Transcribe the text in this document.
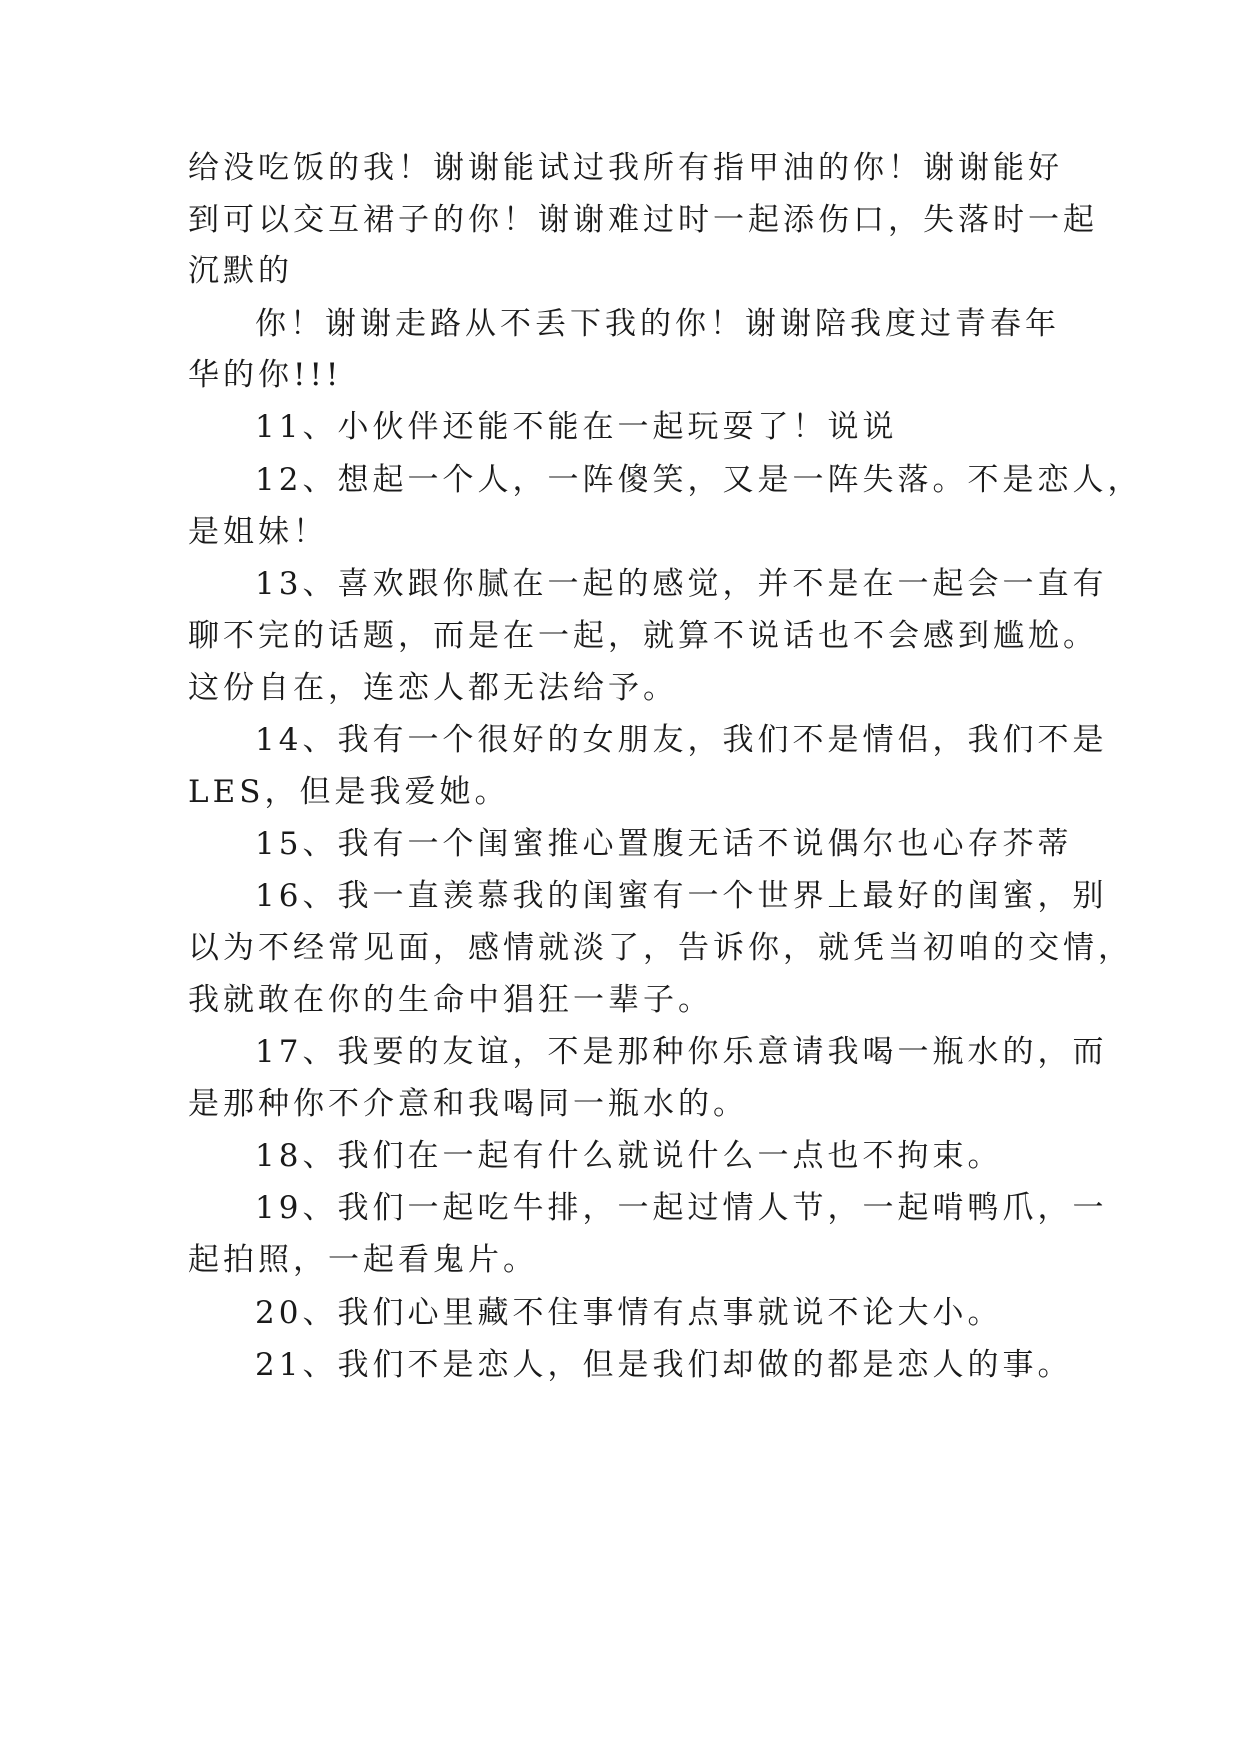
给没吃饭的我！谢谢能试过我所有指甲油的你！谢谢能好
到可以交互裙子的你！谢谢难过时一起添伤口，失落时一起
沉默的
你！谢谢走路从不丢下我的你！谢谢陪我度过青春年
华的你!!!
11、小伙伴还能不能在一起玩耍了！说说
12、想起一个人，一阵傻笑，又是一阵失落。不是恋人，
是姐妹！
13、喜欢跟你腻在一起的感觉，并不是在一起会一直有
聊不完的话题，而是在一起，就算不说话也不会感到尴尬。
这份自在，连恋人都无法给予。
14、我有一个很好的女朋友，我们不是情侣，我们不是
LES，但是我爱她。
15、我有一个闺蜜推心置腹无话不说偶尔也心存芥蒂
16、我一直羡慕我的闺蜜有一个世界上最好的闺蜜，别
以为不经常见面，感情就淡了，告诉你，就凭当初咱的交情，
我就敢在你的生命中猖狂一辈子。
17、我要的友谊，不是那种你乐意请我喝一瓶水的，而
是那种你不介意和我喝同一瓶水的。
18、我们在一起有什么就说什么一点也不拘束。
19、我们一起吃牛排，一起过情人节，一起啃鸭爪，一
起拍照，一起看鬼片。
20、我们心里藏不住事情有点事就说不论大小。
21、我们不是恋人，但是我们却做的都是恋人的事。
